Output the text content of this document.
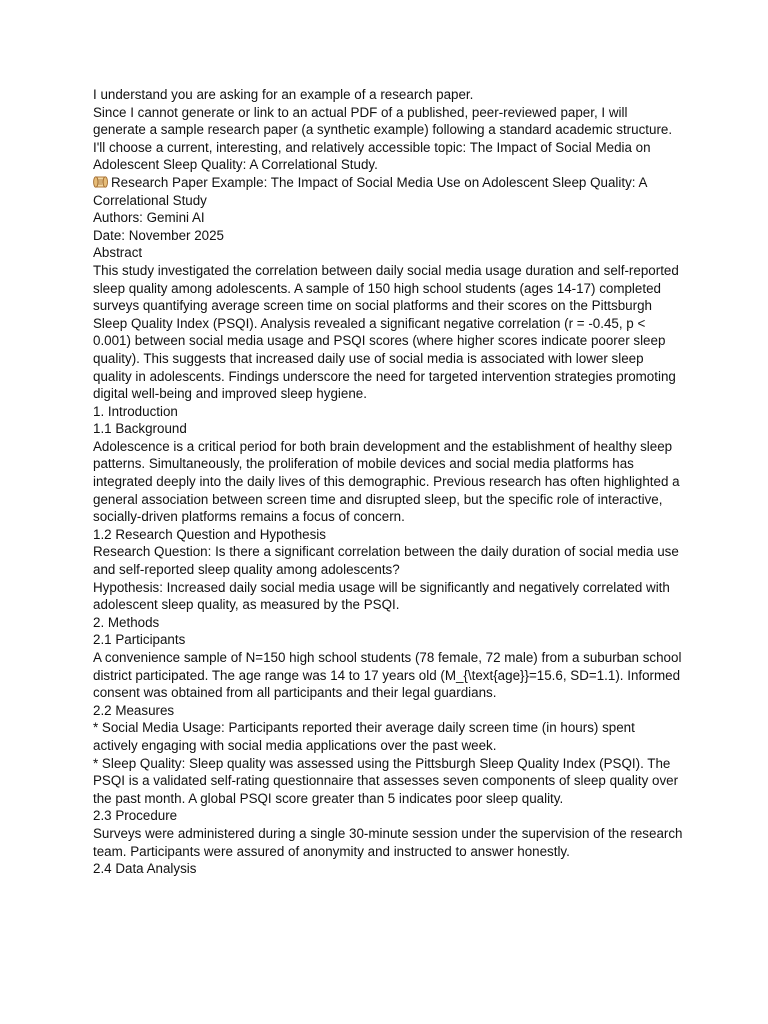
I understand you are asking for an example of a research paper.

Since I cannot generate or link to an actual PDF of a published, peer-reviewed paper, I will generate a sample research paper (a synthetic example) following a standard academic structure.

I'll choose a current, interesting, and relatively accessible topic: The Impact of Social Media on Adolescent Sleep Quality: A Correlational Study.

Research Paper Example: The Impact of Social Media Use on Adolescent Sleep Quality: A Correlational Study

Authors: Gemini AI

Date: November 2025

Abstract

This study investigated the correlation between daily social media usage duration and self-reported sleep quality among adolescents. A sample of 150 high school students (ages 14-17) completed surveys quantifying average screen time on social platforms and their scores on the Pittsburgh Sleep Quality Index (PSQI). Analysis revealed a significant negative correlation (r = -0.45, p < 0.001) between social media usage and PSQI scores (where higher scores indicate poorer sleep quality). This suggests that increased daily use of social media is associated with lower sleep quality in adolescents. Findings underscore the need for targeted intervention strategies promoting digital well-being and improved sleep hygiene.

1. Introduction

1.1 Background

Adolescence is a critical period for both brain development and the establishment of healthy sleep patterns. Simultaneously, the proliferation of mobile devices and social media platforms has integrated deeply into the daily lives of this demographic. Previous research has often highlighted a general association between screen time and disrupted sleep, but the specific role of interactive, socially-driven platforms remains a focus of concern.

1.2 Research Question and Hypothesis

Research Question: Is there a significant correlation between the daily duration of social media use and self-reported sleep quality among adolescents?

Hypothesis: Increased daily social media usage will be significantly and negatively correlated with adolescent sleep quality, as measured by the PSQI.

2. Methods

2.1 Participants

A convenience sample of N=150 high school students (78 female, 72 male) from a suburban school district participated. The age range was 14 to 17 years old (M_{\text{age}}=15.6, SD=1.1). Informed consent was obtained from all participants and their legal guardians.

2.2 Measures

* Social Media Usage: Participants reported their average daily screen time (in hours) spent actively engaging with social media applications over the past week.

* Sleep Quality: Sleep quality was assessed using the Pittsburgh Sleep Quality Index (PSQI). The PSQI is a validated self-rating questionnaire that assesses seven components of sleep quality over the past month. A global PSQI score greater than 5 indicates poor sleep quality.

2.3 Procedure

Surveys were administered during a single 30-minute session under the supervision of the research team. Participants were assured of anonymity and instructed to answer honestly.

2.4 Data Analysis
